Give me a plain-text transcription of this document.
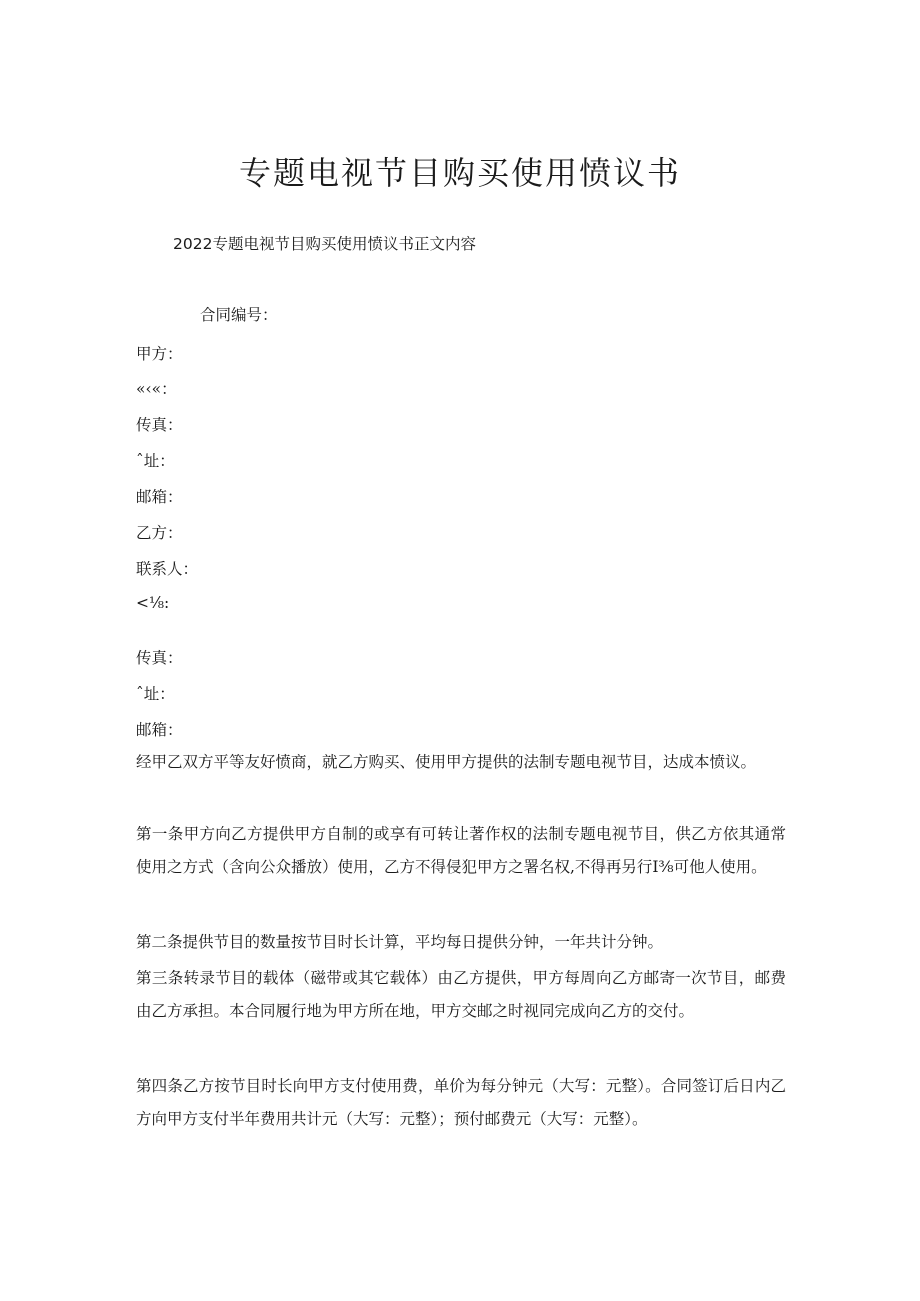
专题电视节目购买使用愤议书
2022专题电视节目购买使用愤议书正文内容
合同编号：
甲方：
«‹«：
传真：
ˆ址：
邮箱：
乙方：
联系人：
<⅛:
传真：
ˆ址：
邮箱：

经甲乙双方平等友好愤商，就乙方购买、使用甲方提供的法制专题电视节目，达成本愤议。

第一条甲方向乙方提供甲方自制的或享有可转让著作权的法制专题电视节目，供乙方依其通常使用之方式（含向公众播放）使用，乙方不得侵犯甲方之署名权,不得再另行I⅜可他人使用。

第二条提供节目的数量按节目时长计算，平均每日提供分钟，一年共计分钟。

第三条转录节目的载体（磁带或其它载体）由乙方提供，甲方每周向乙方邮寄一次节目，邮费由乙方承担。本合同履行地为甲方所在地，甲方交邮之时视同完成向乙方的交付。

第四条乙方按节目时长向甲方支付使用费，单价为每分钟元（大写：元整）。合同签订后日内乙方向甲方支付半年费用共计元（大写：元整）；预付邮费元（大写：元整）。
